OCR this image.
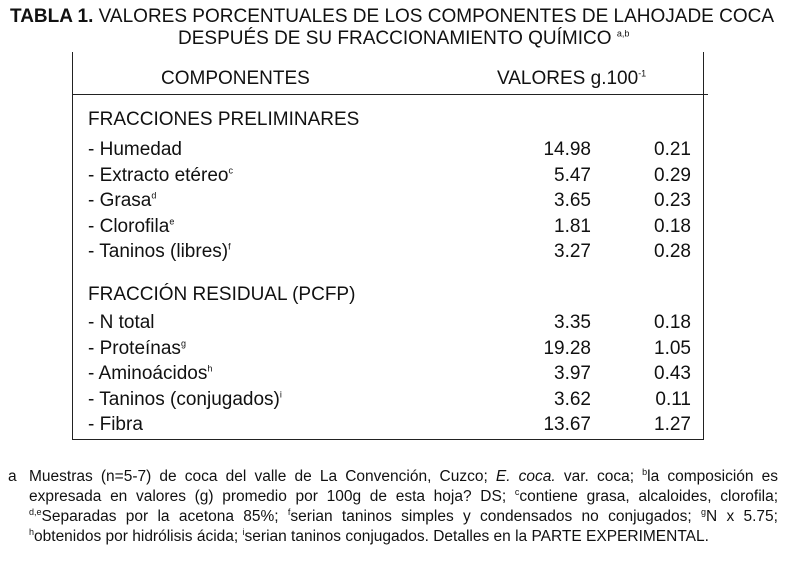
TABLA 1. VALORES PORCENTUALES DE LOS COMPONENTES DE LAHOJADE COCA
DESPUÉS DE SU FRACCIONAMIENTO QUÍMICO $^{a,b}$
COMPONENTES	VALORES $g.100^{-1}$
FRACCIONES PRELIMINARES
- Humedad	14.98	0.21
- Extracto etéreo$^c$	5.47	0.29
- Grasa$^d$	3.65	0.23
- Clorofila$^e$	1.81	0.18
- Taninos (libres)$^f$	3.27	0.28
FRACCIÓN RESIDUAL (PCFP)
- N total	3.35	0.18
- Proteínas$^g$	19.28	1.05
- Aminoácidos$^h$	3.97	0.43
- Taninos (conjugados)$^i$	3.62	0.11
- Fibra	13.67	1.27
a Muestras (n=5-7) de coca del valle de La Convención, Cuzco; E. coca. var. coca; $^b$la composición es expresada en valores (g) promedio por 100g de esta hoja? DS; $^c$contiene grasa, alcaloides, clorofila; $^{d,e}$Separadas por la acetona 85%; $^f$serian taninos simples y condensados no conjugados; $^g$N x 5.75; $^h$obtenidos por hidrólisis ácida; $^i$serian taninos conjugados. Detalles en la PARTE EXPERIMENTAL.
